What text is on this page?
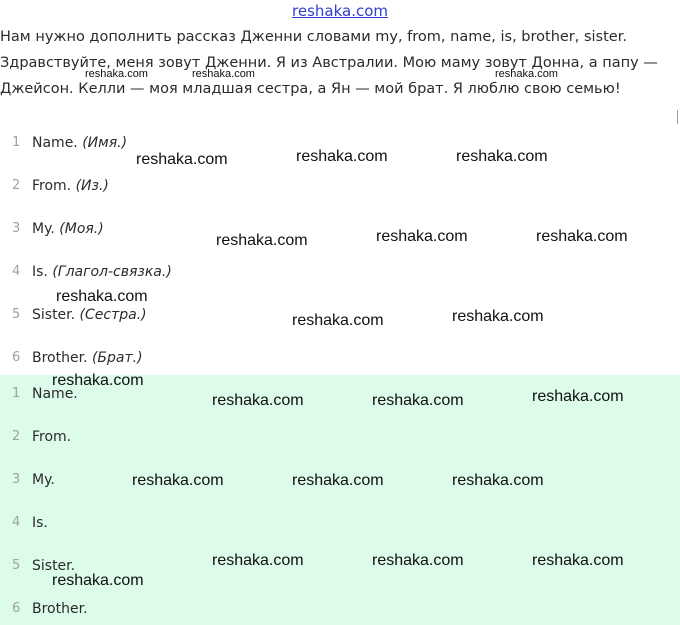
reshaka.com
Нам нужно дополнить рассказ Дженни словами my, from, name, is, brother, sister.
Здравствуйте, меня зовут Дженни. Я из Австралии. Мою маму зовут Донна, а папу —
Джейсон. Келли — моя младшая сестра, а Ян — мой брат. Я люблю свою семью!
1 Name. (Имя.)
2 From. (Из.)
3 My. (Моя.)
4 Is. (Глагол-связка.)
5 Sister. (Сестра.)
6 Brother. (Брат.)
1 Name.
2 From.
3 My.
4 Is.
5 Sister.
6 Brother.
reshaka.com	reshaka.com	reshaka.com
reshaka.com	reshaka.com	reshaka.com
reshaka.com	reshaka.com	reshaka.com
reshaka.com
reshaka.com	reshaka.com
reshaka.com
reshaka.com	reshaka.com	reshaka.com
reshaka.com	reshaka.com	reshaka.com
reshaka.com	reshaka.com	reshaka.com
reshaka.com
